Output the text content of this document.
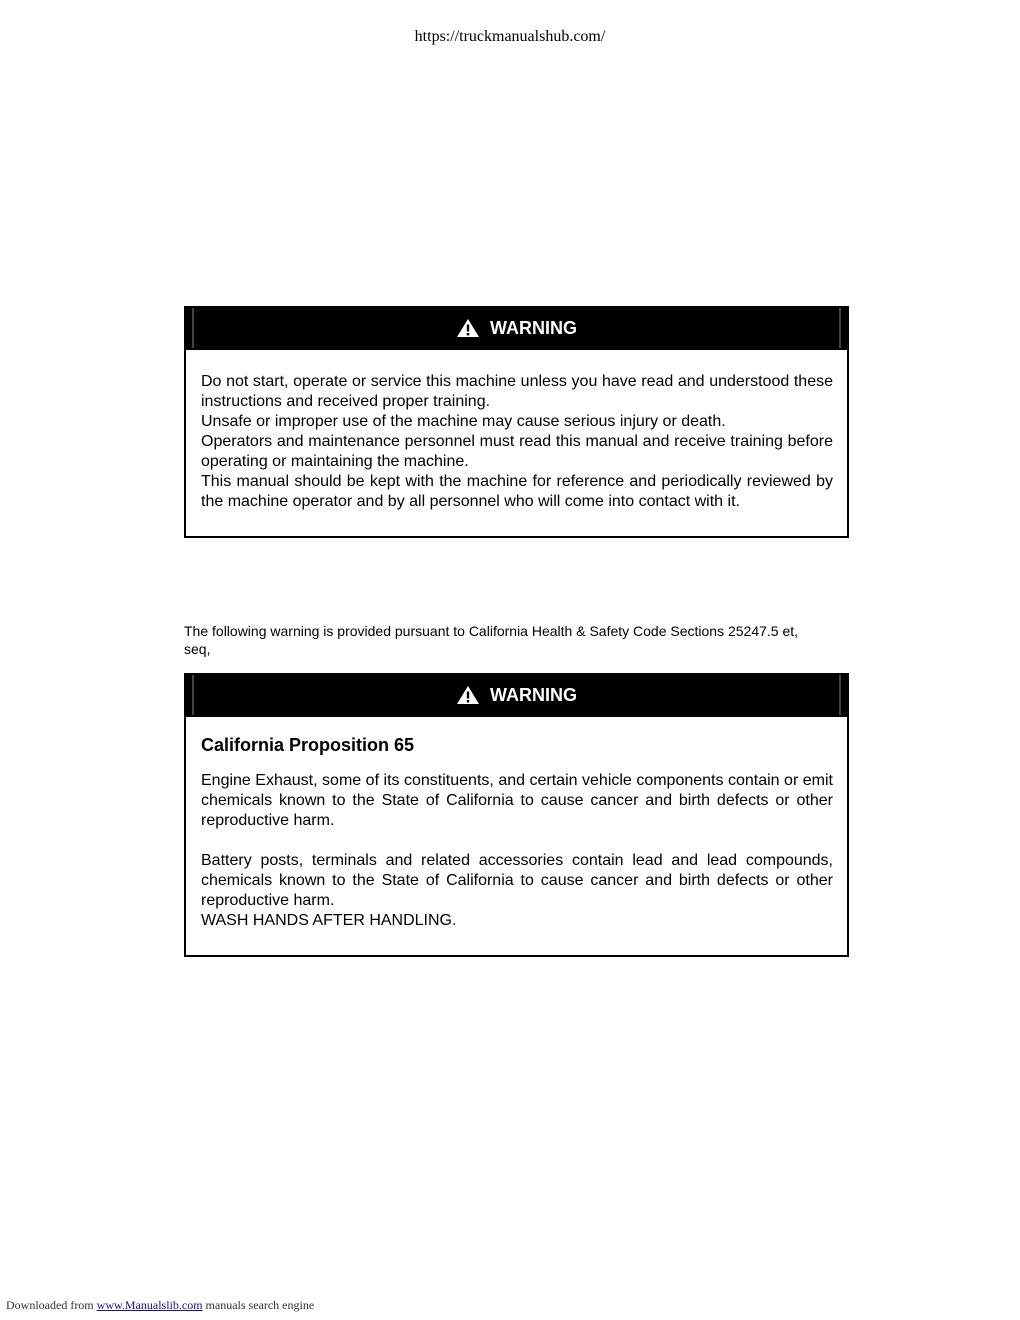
https://truckmanualshub.com/
WARNING

Do not start, operate or service this machine unless you have read and understood these instructions and received proper training.

Unsafe or improper use of the machine may cause serious injury or death.

Operators and maintenance personnel must read this manual and receive training before operating or maintaining the machine.

This manual should be kept with the machine for reference and periodically reviewed by the machine operator and by all personnel who will come into contact with it.

The following warning is provided pursuant to California Health & Safety Code Sections 25247.5 et, seq,
WARNING
California Proposition 65

Engine Exhaust, some of its constituents, and certain vehicle components contain or emit chemicals known to the State of California to cause cancer and birth defects or other reproductive harm.

Battery posts, terminals and related accessories contain lead and lead compounds, chemicals known to the State of California to cause cancer and birth defects or other reproductive harm.

WASH HANDS AFTER HANDLING.

Downloaded from www.Manualslib.com manuals search engine
